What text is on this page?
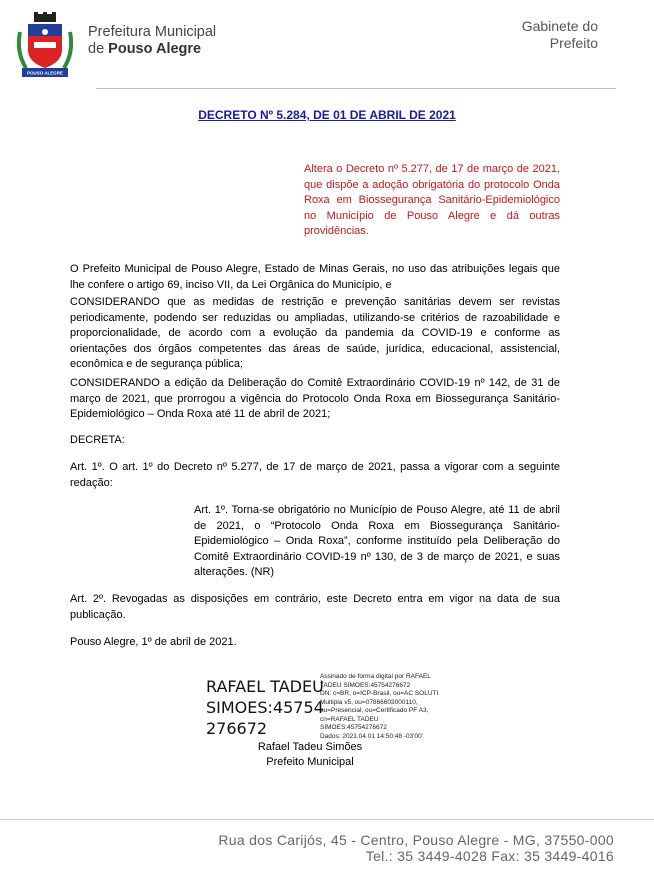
POUSO ALEGRE
Prefeitura Municipal
de Pouso Alegre
Gabinete do
Prefeito
DECRETO Nº 5.284, DE 01 DE ABRIL DE 2021
Altera o Decreto nº 5.277, de 17 de março de 2021, que dispõe a adoção obrigatória do protocolo Onda Roxa em Biossegurança Sanitário-Epidemiológico no Município de Pouso Alegre e dá outras providências.
O Prefeito Municipal de Pouso Alegre, Estado de Minas Gerais, no uso das atribuições legais que lhe confere o artigo 69, inciso VII, da Lei Orgânica do Município, e
CONSIDERANDO que as medidas de restrição e prevenção sanitárias devem ser revistas periodicamente, podendo ser reduzidas ou ampliadas, utilizando-se critérios de razoabilidade e proporcionalidade, de acordo com a evolução da pandemia da COVID-19 e conforme as orientações dos órgãos competentes das áreas de saúde, jurídica, educacional, assistencial, econômica e de segurança pública;
CONSIDERANDO a edição da Deliberação do Comitê Extraordinário COVID-19 nº 142, de 31 de março de 2021, que prorrogou a vigência do Protocolo Onda Roxa em Biossegurança Sanitário-Epidemiológico – Onda Roxa até 11 de abril de 2021;
DECRETA:
Art. 1º. O art. 1º do Decreto nº 5.277, de 17 de março de 2021, passa a vigorar com a seguinte redação:
Art. 1º. Torna-se obrigatório no Município de Pouso Alegre, até 11 de abril de 2021, o “Protocolo Onda Roxa em Biossegurança Sanitário-Epidemiológico – Onda Roxa”, conforme instituído pela Deliberação do Comitê Extraordinário COVID-19 nº 130, de 3 de março de 2021, e suas alterações. (NR)
Art. 2º. Revogadas as disposições em contrário, este Decreto entra em vigor na data de sua publicação.
Pouso Alegre, 1º de abril de 2021.
RAFAEL TADEU
SIMOES:45754
276672
Assinado de forma digital por RAFAEL
TADEU SIMOES:45754276672
DN: c=BR, o=ICP-Brasil, ou=AC SOLUTI
Multipla v5, ou=07866603000110,
ou=Presencial, ou=Certificado PF A3,
cn=RAFAEL TADEU
SIMOES:45754276672
Dados: 2021.04.01 14:50:48 -03'00'
Rafael Tadeu Simões
Prefeito Municipal
Rua dos Carijós, 45 - Centro, Pouso Alegre - MG, 37550-000
Tel.: 35 3449-4028 Fax: 35 3449-4016
